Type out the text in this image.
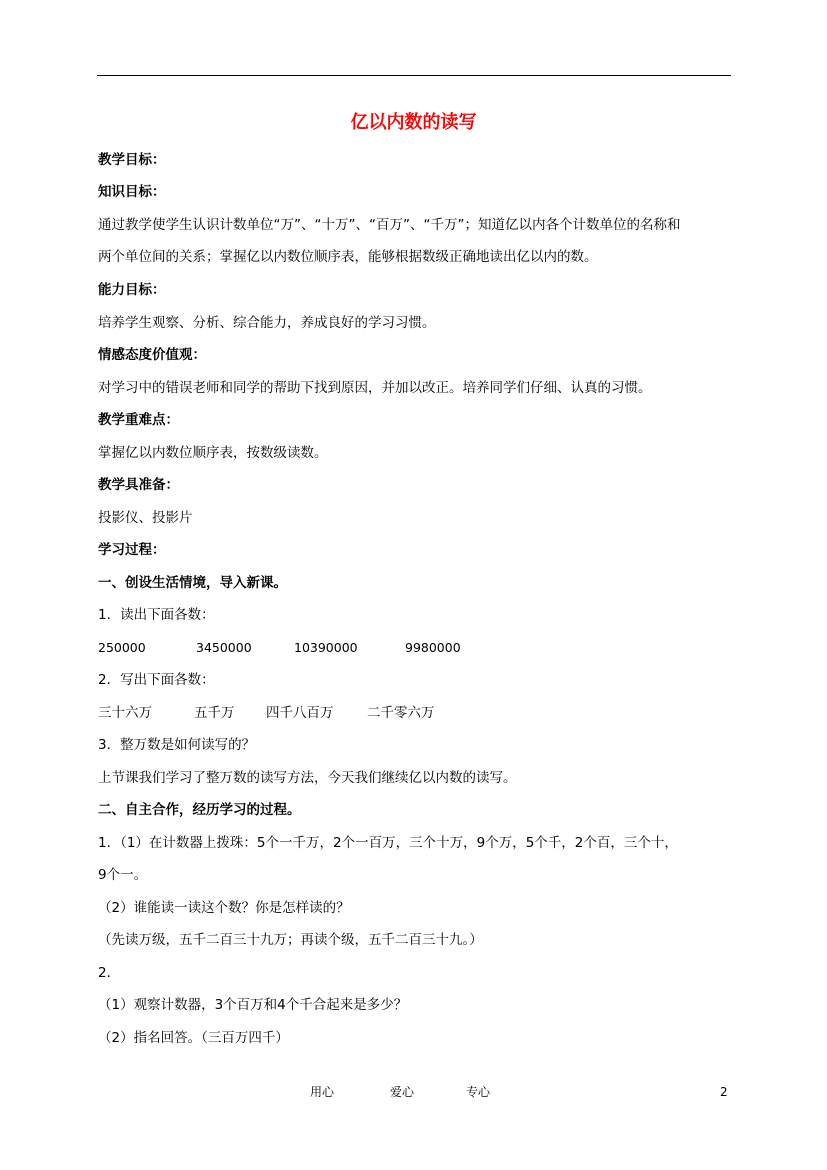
亿以内数的读写
教学目标：
知识目标：
通过教学使学生认识计数单位“万”、“十万”、“百万”、“千万”；知道亿以内各个计数单位的名称和
两个单位间的关系；掌握亿以内数位顺序表，能够根据数级正确地读出亿以内的数。
能力目标：
培养学生观察、分析、综合能力，养成良好的学习习惯。
情感态度价值观：
对学习中的错误老师和同学的帮助下找到原因，并加以改正。培养同学们仔细、认真的习惯。
教学重难点：
掌握亿以内数位顺序表，按数级读数。
教学具准备：
投影仪、投影片
学习过程：
一、创设生活情境，导入新课。
1．读出下面各数：
250000	3450000	10390000	9980000
2．写出下面各数：
三十六万	五千万 四千八百万 二千零六万
3．整万数是如何读写的？
上节课我们学习了整万数的读写方法，今天我们继续亿以内数的读写。
二、自主合作，经历学习的过程。
1．（1）在计数器上拨珠：5个一千万，2个一百万，三个十万，9个万，5个千，2个百，三个十，
9个一。
（2）谁能读一读这个数？你是怎样读的？
（先读万级，五千二百三十九万；再读个级，五千二百三十九。）
2．
（1）观察计数器，3个百万和4个千合起来是多少？
（2）指名回答。（三百万四千）
用心	爱心	专心	2
